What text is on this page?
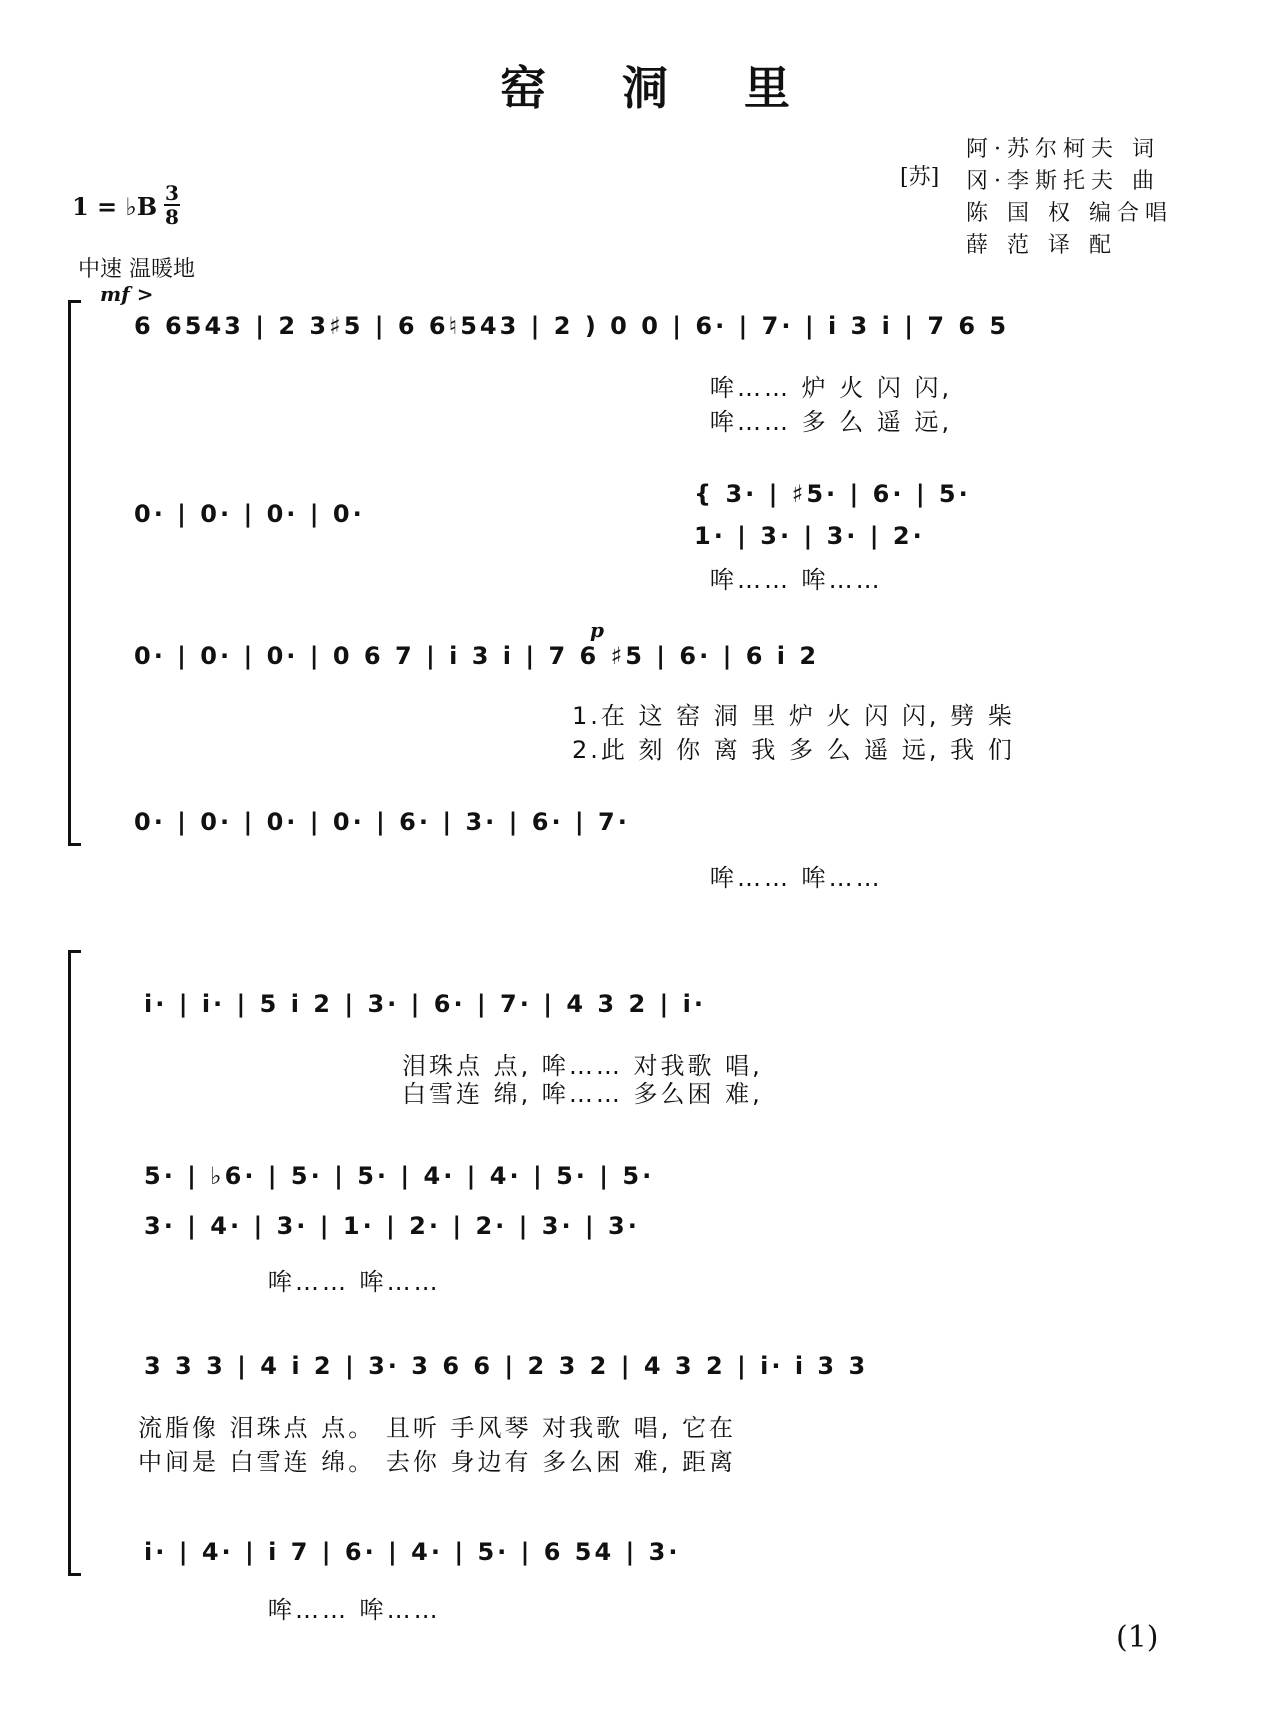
窑 洞 里
[苏]
阿·苏尔柯夫 词
冈·李斯托夫 曲
陈 国 权 编合唱
薛 范 译 配
1 = ♭B 3
8
中速 温暖地
mf >
6 6543 | 2 3♯5 | 6 6♮543 | 2 ) 0 0 | 6· | 7· | i 3 i | 7 6 5
哞…… 炉 火 闪 闪,
哞…… 多 么 遥 远,
0· | 0· | 0· | 0·
{ 3· | ♯5· | 6· | 5·
1· | 3· | 3· | 2·
哞…… 哞……
p
0· | 0· | 0· | 0 6 7 | i 3 i | 7 6 ♯5 | 6· | 6 i 2
1.在 这 窑 洞 里 炉 火 闪 闪, 劈 柴
2.此 刻 你 离 我 多 么 遥 远, 我 们
0· | 0· | 0· | 0· | 6· | 3· | 6· | 7·
哞…… 哞……
i· | i· | 5 i 2 | 3· | 6· | 7· | 4 3 2 | i·
泪珠点 点, 哞…… 对我歌 唱,
白雪连 绵, 哞…… 多么困 难,
5· | ♭6· | 5· | 5· | 4· | 4· | 5· | 5·
3· | 4· | 3· | 1· | 2· | 2· | 3· | 3·
哞…… 哞……
3 3 3 | 4 i 2 | 3· 3 6 6 | 2 3 2 | 4 3 2 | i· i 3 3
流脂像 泪珠点 点。 且听 手风琴 对我歌 唱, 它在
中间是 白雪连 绵。 去你 身边有 多么困 难, 距离
i· | 4· | i 7 | 6· | 4· | 5· | 6 54 | 3·
哞…… 哞……
(1)
